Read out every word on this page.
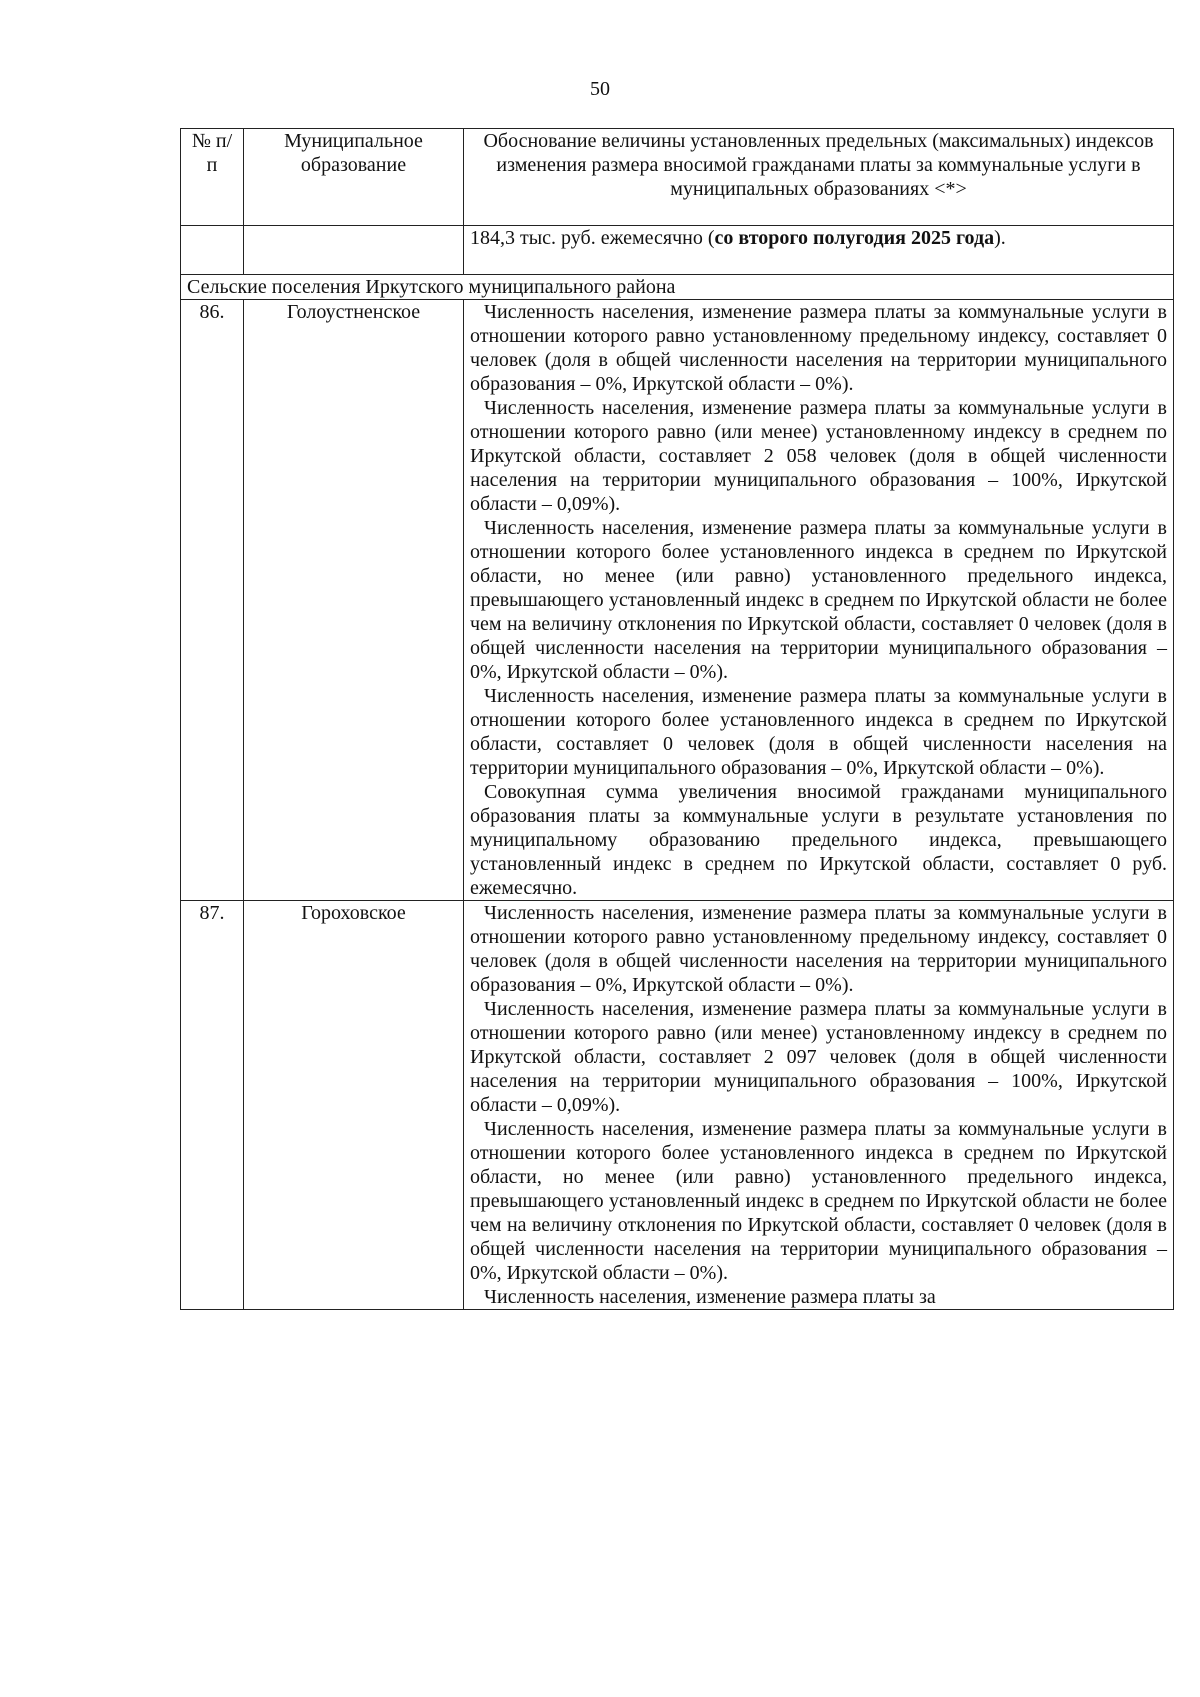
50
№ п/п	Муниципальное образование	Обоснование величины установленных предельных (максимальных) индексов изменения размера вносимой гражданами платы за коммунальные услуги в муниципальных образованиях <*>
		184,3 тыс. руб. ежемесячно (со второго полугодия 2025 года).
Сельские поселения Иркутского муниципального района		
86.	Голоустненское	Численность населения, изменение размера платы за коммунальные услуги в отношении которого равно установленному предельному индексу, составляет 0 человек (доля в общей численности населения на территории муниципального образования – 0%, Иркутской области – 0%).
Численность населения, изменение размера платы за коммунальные услуги в отношении которого равно (или менее) установленному индексу в среднем по Иркутской области, составляет 2 058 человек (доля в общей численности населения на территории муниципального образования – 100%, Иркутской области – 0,09%).
Численность населения, изменение размера платы за коммунальные услуги в отношении которого более установленного индекса в среднем по Иркутской области, но менее (или равно) установленного предельного индекса, превышающего установленный индекс в среднем по Иркутской области не более чем на величину отклонения по Иркутской области, составляет 0 человек (доля в общей численности населения на территории муниципального образования – 0%, Иркутской области – 0%).
Численность населения, изменение размера платы за коммунальные услуги в отношении которого более установленного индекса в среднем по Иркутской области, составляет 0 человек (доля в общей численности населения на территории муниципального образования – 0%, Иркутской области – 0%).
Совокупная сумма увеличения вносимой гражданами муниципального образования платы за коммунальные услуги в результате установления по муниципальному образованию предельного индекса, превышающего установленный индекс в среднем по Иркутской области, составляет 0 руб. ежемесячно.

87.	Гороховское	Численность населения, изменение размера платы за коммунальные услуги в отношении которого равно установленному предельному индексу, составляет 0 человек (доля в общей численности населения на территории муниципального образования – 0%, Иркутской области – 0%).
Численность населения, изменение размера платы за коммунальные услуги в отношении которого равно (или менее) установленному индексу в среднем по Иркутской области, составляет 2 097 человек (доля в общей численности населения на территории муниципального образования – 100%, Иркутской области – 0,09%).
Численность населения, изменение размера платы за коммунальные услуги в отношении которого более установленного индекса в среднем по Иркутской области, но менее (или равно) установленного предельного индекса, превышающего установленный индекс в среднем по Иркутской области не более чем на величину отклонения по Иркутской области, составляет 0 человек (доля в общей численности населения на территории муниципального образования – 0%, Иркутской области – 0%).
Численность населения, изменение размера платы за
